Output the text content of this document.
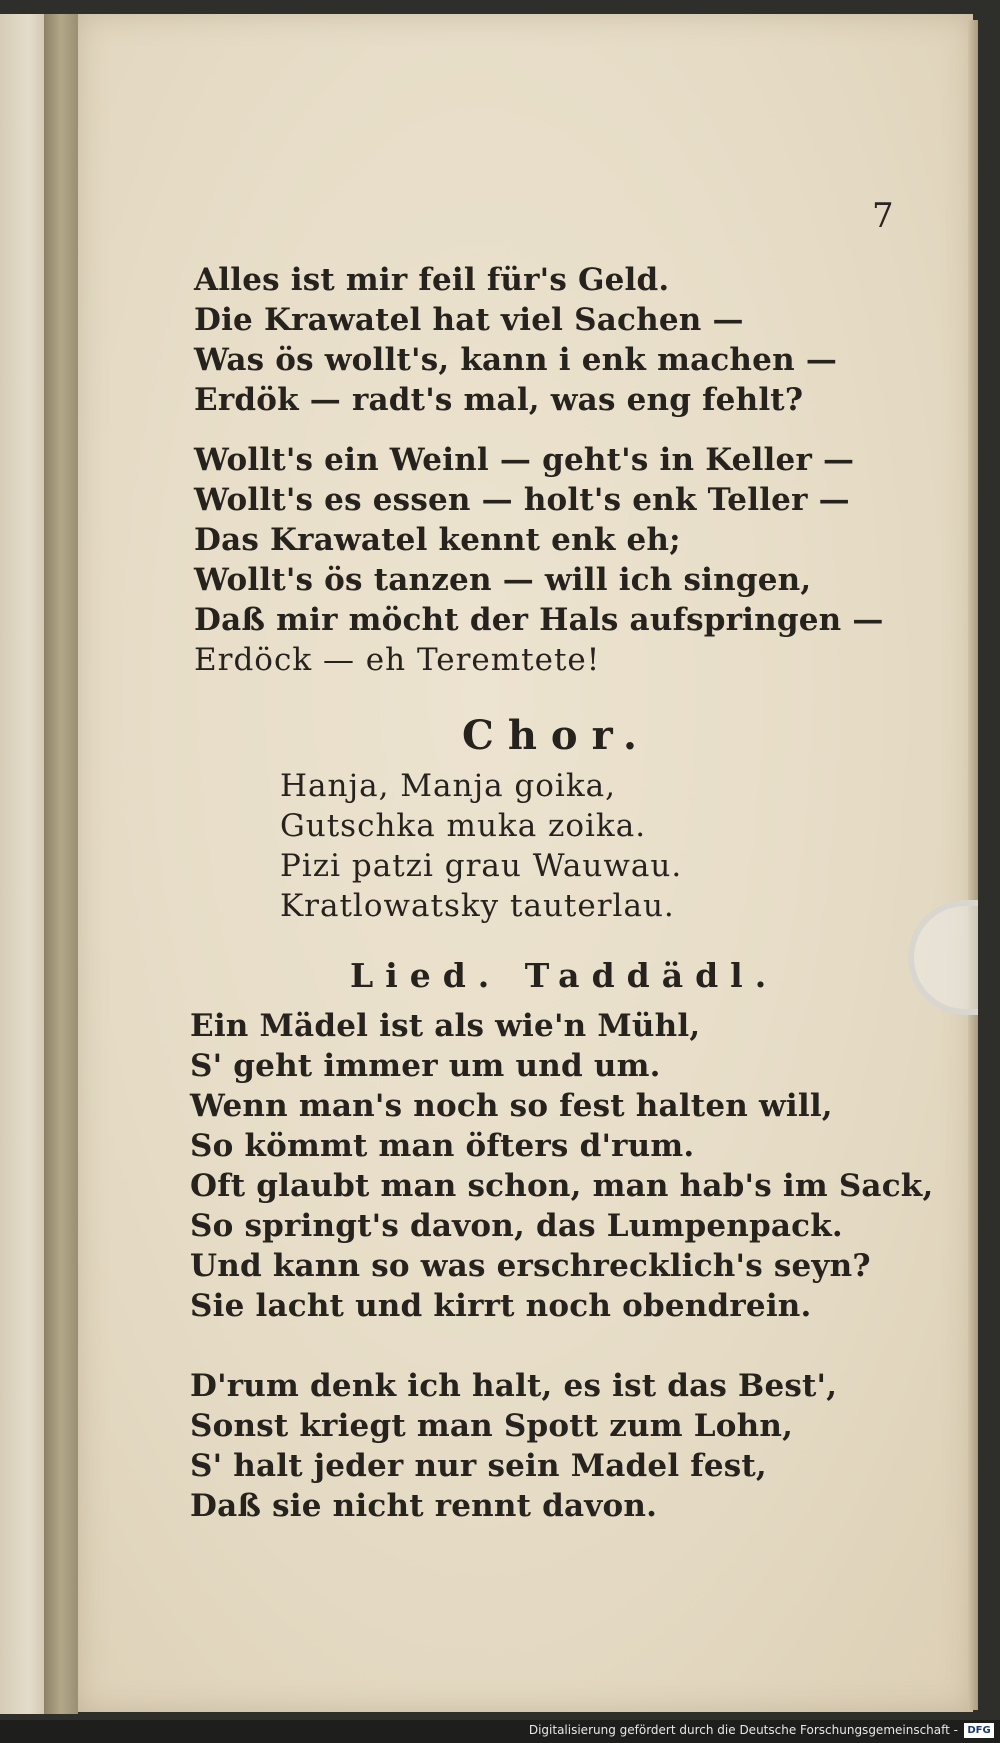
7
Alles ist mir feil für's Geld.
Die Krawatel hat viel Sachen —
Was ös wollt's, kann i enk machen —
Erdök — radt's mal, was eng fehlt?
Wollt's ein Weinl — geht's in Keller —
Wollt's es essen — holt's enk Teller —
Das Krawatel kennt enk eh;
Wollt's ös tanzen — will ich singen,
Daß mir möcht der Hals aufspringen —
Erdöck — eh Teremtete!
Chor.
Hanja, Manja goika,
Gutschka muka zoika.
Pizi patzi grau Wauwau.
Kratlowatsky tauterlau.
Lied. Taddädl.
Ein Mädel ist als wie'n Mühl,
S' geht immer um und um.
Wenn man's noch so fest halten will,
So kömmt man öfters d'rum.
Oft glaubt man schon, man hab's im Sack,
So springt's davon, das Lumpenpack.
Und kann so was erschrecklich's seyn?
Sie lacht und kirrt noch obendrein.
D'rum denk ich halt, es ist das Best',
Sonst kriegt man Spott zum Lohn,
S' halt jeder nur sein Madel fest,
Daß sie nicht rennt davon.
Digitalisierung gefördert durch die Deutsche Forschungsgemeinschaft - DFG
